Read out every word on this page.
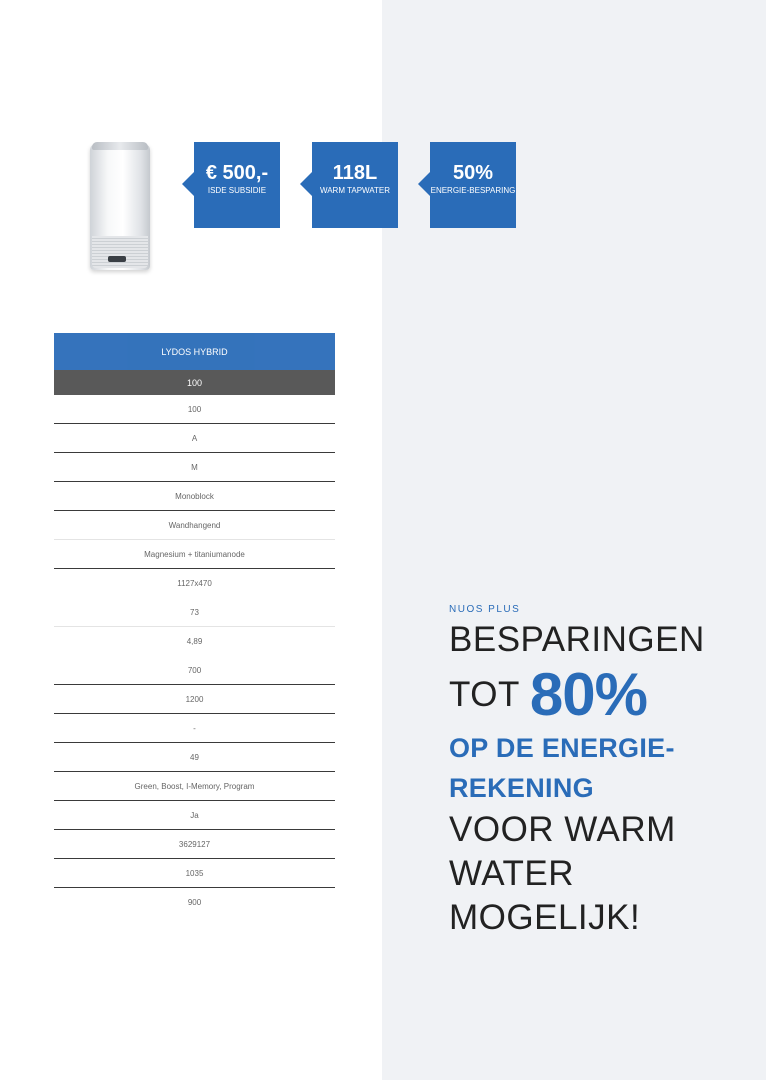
€ 500,-
ISDE SUBSIDIE
118L
WARM TAPWATER
50%
ENERGIE-BESPARING
LYDOS HYBRID
100
100
A
M
Monoblock
Wandhangend
Magnesium + titaniumanode
1127x470
73
4,89
700
1200
-
49
Green, Boost, I-Memory, Program
Ja
3629127
1035
900
NUOS PLUS
BESPARINGEN
TOT 80%
OP DE ENERGIE-
REKENING
VOOR WARM
WATER
MOGELIJK!
